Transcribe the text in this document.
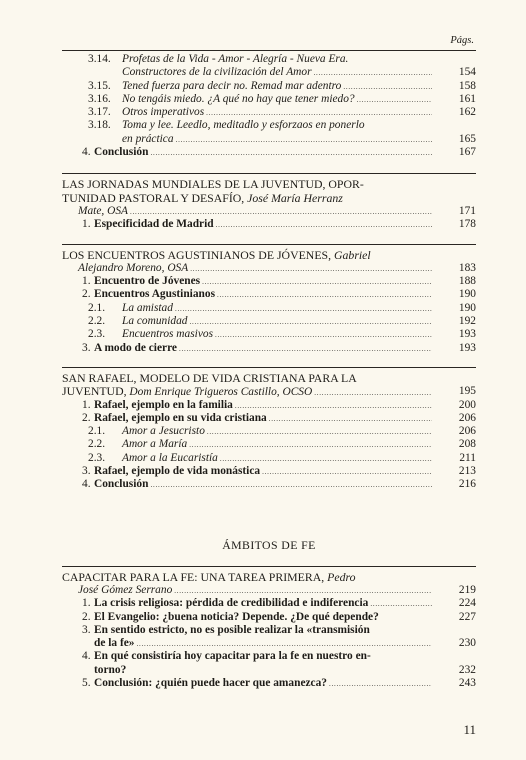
Págs.
3.14. Profetas de la Vida - Amor - Alegría - Nueva Era.
Constructores de la civilización del Amor . . .	154
3.15. Tened fuerza para decir no. Remad mar adentro . . .	158
3.16. No tengáis miedo. ¿A qué no hay que tener miedo? . . .	161
3.17. Otros imperativos . . .	162
3.18. Toma y lee. Leedlo, meditadlo y esforzaos en ponerlo
en práctica . . .	165
4. Conclusión . . .	167
LAS JORNADAS MUNDIALES DE LA JUVENTUD, OPOR-
TUNIDAD PASTORAL Y DESAFÍO,
José María Herranz
Mate, OSA . . .	171
1. Especificidad de Madrid . . .	178
LOS ENCUENTROS AGUSTINIANOS DE JÓVENES,
Gabriel
Alejandro Moreno, OSA . . .	183
1. Encuentro de Jóvenes . . .	188
2. Encuentros Agustinianos . . .	190
2.1. La amistad . . .	190
2.2. La comunidad . . .	192
2.3. Encuentros masivos . . .	193
3. A modo de cierre . . .	193
SAN RAFAEL, MODELO DE VIDA CRISTIANA PARA LA
JUVENTUD,
Dom Enrique Trigueros Castillo, OCSO . . .	195
1. Rafael, ejemplo en la familia . . .	200
2. Rafael, ejemplo en su vida cristiana . . .	206
2.1. Amor a Jesucristo . . .	206
2.2. Amor a María . . .	208
2.3. Amor a la Eucaristía . . .	211
3. Rafael, ejemplo de vida monástica . . .	213
4. Conclusión . . .	216
ÁMBITOS DE FE
CAPACITAR PARA LA FE: UNA TAREA PRIMERA,
Pedro
José Gómez Serrano . . .	219
1. La crisis religiosa: pérdida de credibilidad e indiferencia . . .	224
2. El Evangelio: ¿buena noticia? Depende. ¿De qué depende?	227
3. En sentido estricto, no es posible realizar la «transmisión
de la fe» . . .	230
4. En qué consistiría hoy capacitar para la fe en nuestro en-
torno?	232
5. Conclusión: ¿quién puede hacer que amanezca? . . .	243
11
